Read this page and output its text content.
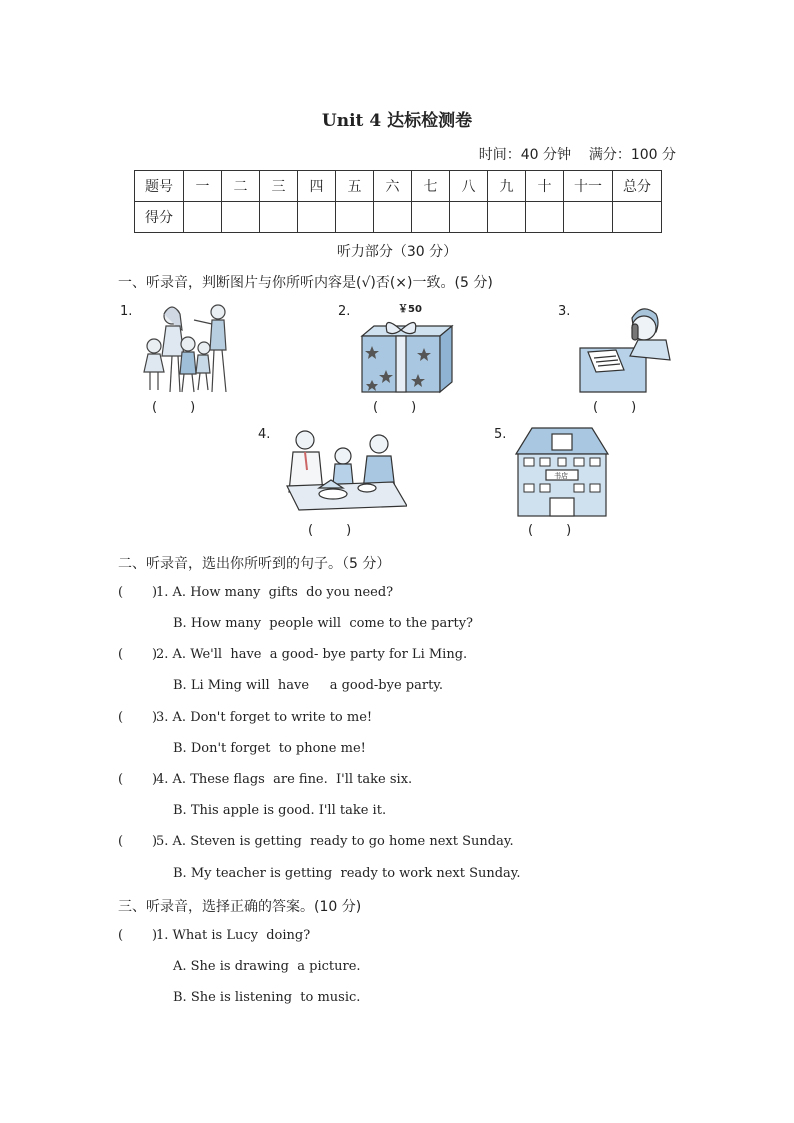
Unit 4 达标检测卷
时间：40 分钟    满分：100 分
题号	一	二	三	四	五	六	七	八	九	十	十一	总分
得分												
听力部分（30 分）
一、听录音，判断图片与你所听内容是(√)否(×)一致。(5 分)
1.	2.	3.
4.	5.
(        )	(        )	(        )
(        )	(        )
￥50
书店
二、听录音，选出你所听到的句子。（5 分）
(       )1. A. How many  gifts  do you need?
B. How many  people will  come to the party?
(       )2. A. We'll  have  a good- bye party for Li Ming.
B. Li Ming will  have     a good-bye party.
(       )3. A. Don't forget to write to me!
B. Don't forget  to phone me!
(       )4. A. These flags  are fine.  I'll take six.
B. This apple is good. I'll take it.
(       )5. A. Steven is getting  ready to go home next Sunday.
B. My teacher is getting  ready to work next Sunday.
三、听录音，选择正确的答案。(10 分)
(       )1. What is Lucy  doing?
A. She is drawing  a picture.
B. She is listening  to music.
